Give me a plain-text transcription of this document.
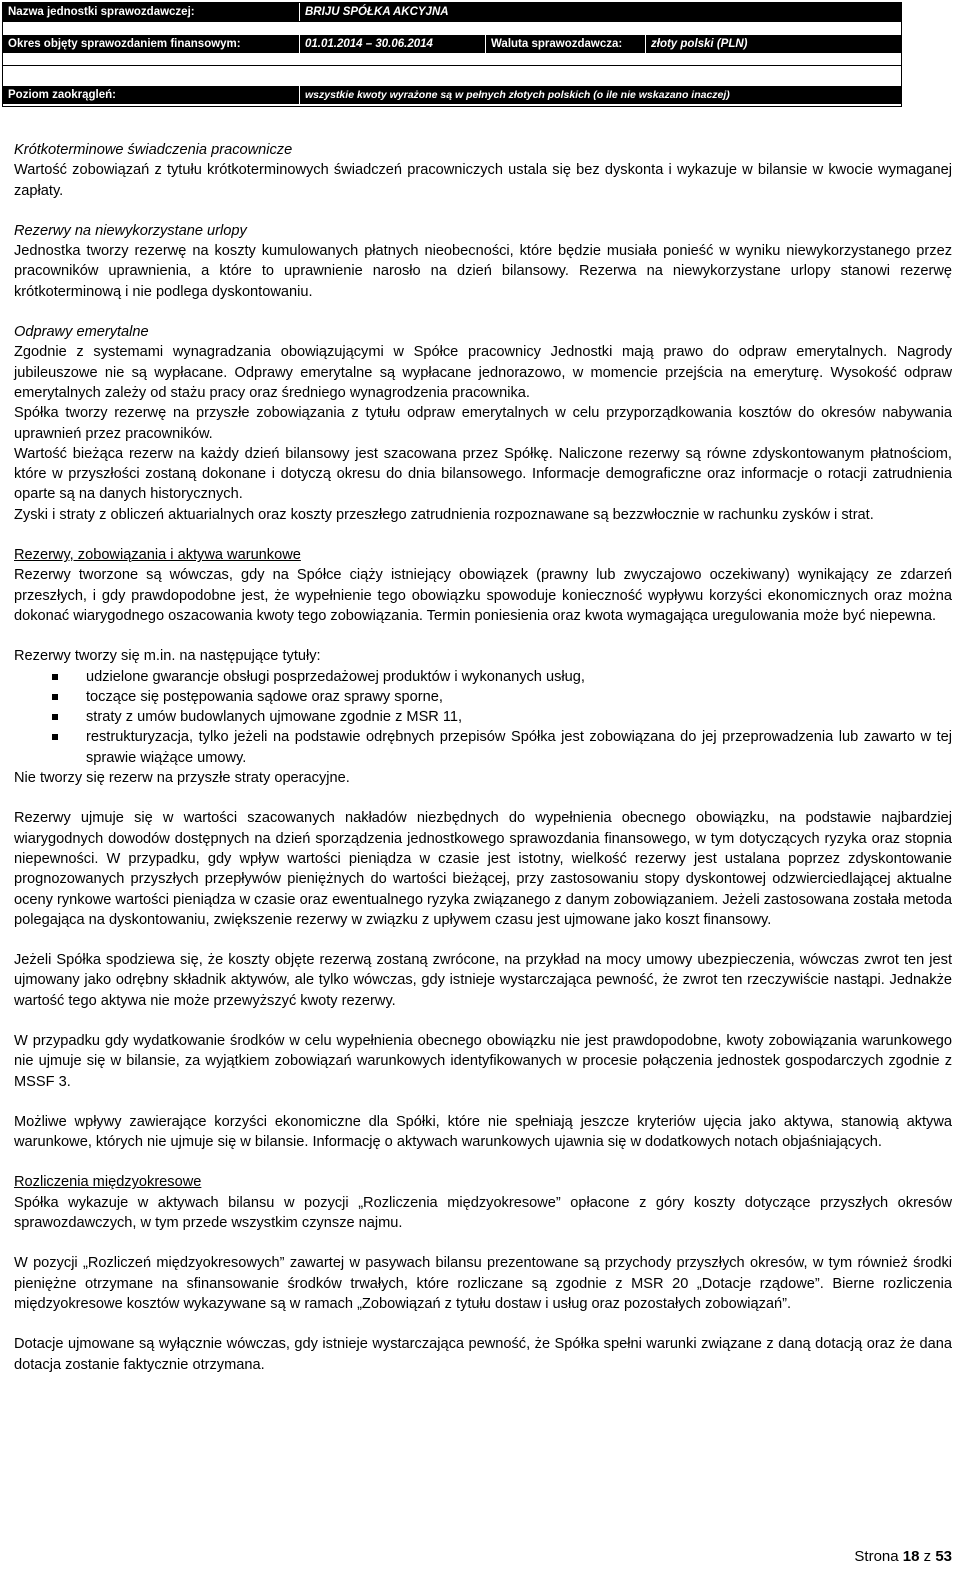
Nazwa jednostki sprawozdawczej:	BRIJU SPÓŁKA AKCYJNA
Okres objęty sprawozdaniem finansowym:	01.01.2014 – 30.06.2014	Waluta sprawozdawcza:	złoty polski (PLN)
Poziom zaokrągleń:	wszystkie kwoty wyrażone są w pełnych złotych polskich (o ile nie wskazano inaczej)

Krótkoterminowe świadczenia pracownicze

Wartość zobowiązań z tytułu krótkoterminowych świadczeń pracowniczych ustala się bez dyskonta i wykazuje w bilansie w kwocie wymaganej zapłaty.

Rezerwy na niewykorzystane urlopy

Jednostka tworzy rezerwę na koszty kumulowanych płatnych nieobecności, które będzie musiała ponieść w wyniku niewykorzystanego przez pracowników uprawnienia, a które to uprawnienie narosło na dzień bilansowy. Rezerwa na niewykorzystane urlopy stanowi rezerwę krótkoterminową i nie podlega dyskontowaniu.

Odprawy emerytalne

Zgodnie z systemami wynagradzania obowiązującymi w Spółce pracownicy Jednostki mają prawo do odpraw emerytalnych. Nagrody jubileuszowe nie są wypłacane. Odprawy emerytalne są wypłacane jednorazowo, w momencie przejścia na emeryturę. Wysokość odpraw emerytalnych zależy od stażu pracy oraz średniego wynagrodzenia pracownika.

Spółka tworzy rezerwę na przyszłe zobowiązania z tytułu odpraw emerytalnych w celu przyporządkowania kosztów do okresów nabywania uprawnień przez pracowników.

Wartość bieżąca rezerw na każdy dzień bilansowy jest szacowana przez Spółkę. Naliczone rezerwy są równe zdyskontowanym płatnościom, które w przyszłości zostaną dokonane i dotyczą okresu do dnia bilansowego. Informacje demograficzne oraz informacje o rotacji zatrudnienia oparte są na danych historycznych.

Zyski i straty z obliczeń aktuarialnych oraz koszty przeszłego zatrudnienia rozpoznawane są bezzwłocznie w rachunku zysków i strat.

Rezerwy, zobowiązania i aktywa warunkowe

Rezerwy tworzone są wówczas, gdy na Spółce ciąży istniejący obowiązek (prawny lub zwyczajowo oczekiwany) wynikający ze zdarzeń przeszłych, i gdy prawdopodobne jest, że wypełnienie tego obowiązku spowoduje konieczność wypływu korzyści ekonomicznych oraz można dokonać wiarygodnego oszacowania kwoty tego zobowiązania. Termin poniesienia oraz kwota wymagająca uregulowania może być niepewna.

Rezerwy tworzy się m.in. na następujące tytuły:

udzielone gwarancje obsługi posprzedażowej produktów i wykonanych usług,
toczące się postępowania sądowe oraz sprawy sporne,
straty z umów budowlanych ujmowane zgodnie z MSR 11,
restrukturyzacja, tylko jeżeli na podstawie odrębnych przepisów Spółka jest zobowiązana do jej przeprowadzenia lub zawarto w tej sprawie wiążące umowy.

Nie tworzy się rezerw na przyszłe straty operacyjne.

Rezerwy ujmuje się w wartości szacowanych nakładów niezbędnych do wypełnienia obecnego obowiązku, na podstawie najbardziej wiarygodnych dowodów dostępnych na dzień sporządzenia jednostkowego sprawozdania finansowego, w tym dotyczących ryzyka oraz stopnia niepewności. W przypadku, gdy wpływ wartości pieniądza w czasie jest istotny, wielkość rezerwy jest ustalana poprzez zdyskontowanie prognozowanych przyszłych przepływów pieniężnych do wartości bieżącej, przy zastosowaniu stopy dyskontowej odzwierciedlającej aktualne oceny rynkowe wartości pieniądza w czasie oraz ewentualnego ryzyka związanego z danym zobowiązaniem. Jeżeli zastosowana została metoda polegająca na dyskontowaniu, zwiększenie rezerwy w związku z upływem czasu jest ujmowane jako koszt finansowy.

Jeżeli Spółka spodziewa się, że koszty objęte rezerwą zostaną zwrócone, na przykład na mocy umowy ubezpieczenia, wówczas zwrot ten jest ujmowany jako odrębny składnik aktywów, ale tylko wówczas, gdy istnieje wystarczająca pewność, że zwrot ten rzeczywiście nastąpi. Jednakże wartość tego aktywa nie może przewyższyć kwoty rezerwy.

W przypadku gdy wydatkowanie środków w celu wypełnienia obecnego obowiązku nie jest prawdopodobne, kwoty zobowiązania warunkowego nie ujmuje się w bilansie, za wyjątkiem zobowiązań warunkowych identyfikowanych w procesie połączenia jednostek gospodarczych zgodnie z MSSF 3.

Możliwe wpływy zawierające korzyści ekonomiczne dla Spółki, które nie spełniają jeszcze kryteriów ujęcia jako aktywa, stanowią aktywa warunkowe, których nie ujmuje się w bilansie. Informację o aktywach warunkowych ujawnia się w dodatkowych notach objaśniających.

Rozliczenia międzyokresowe

Spółka wykazuje w aktywach bilansu w pozycji „Rozliczenia międzyokresowe” opłacone z góry koszty dotyczące przyszłych okresów sprawozdawczych, w tym przede wszystkim czynsze najmu.

W pozycji „Rozliczeń międzyokresowych” zawartej w pasywach bilansu prezentowane są przychody przyszłych okresów, w tym również środki pieniężne otrzymane na sfinansowanie środków trwałych, które rozliczane są zgodnie z MSR 20 „Dotacje rządowe”. Bierne rozliczenia międzyokresowe kosztów wykazywane są w ramach „Zobowiązań z tytułu dostaw i usług oraz pozostałych zobowiązań”.

Dotacje ujmowane są wyłącznie wówczas, gdy istnieje wystarczająca pewność, że Spółka spełni warunki związane z daną dotacją oraz że dana dotacja zostanie faktycznie otrzymana.

Strona 18 z 53
